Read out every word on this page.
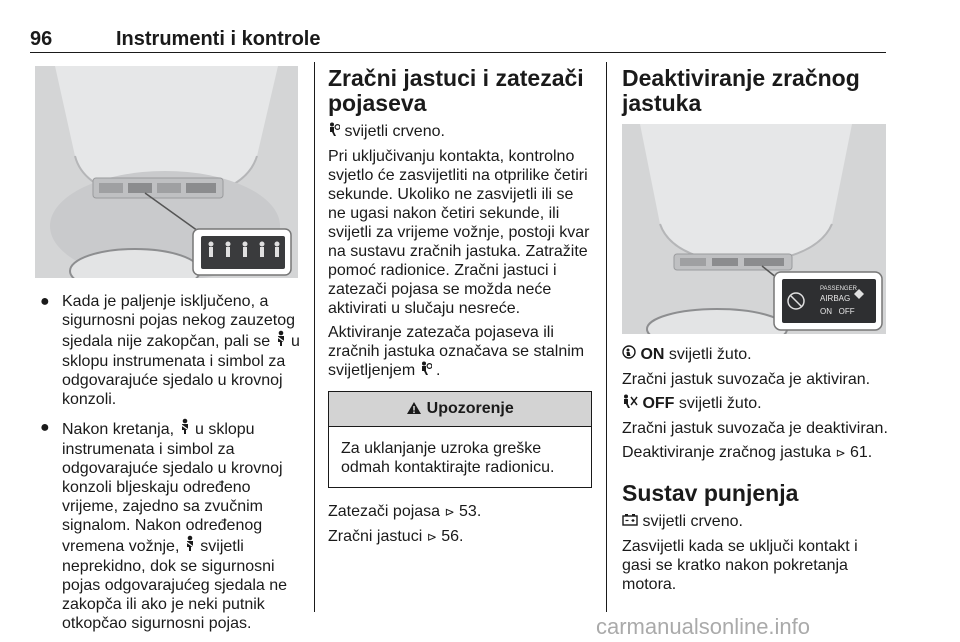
96	Instrumenti i kontrole
● Kada je paljenje isključeno, a sigurnosni pojas nekog zauzetog sjedala nije zakopčan, pali se u sklopu instrumenata i simbol za odgovarajuće sjedalo u krovnoj konzoli.
● Nakon kretanja, u sklopu instrumenata i simbol za odgovarajuće sjedalo u krovnoj konzoli bljeskaju određeno vrijeme, zajedno sa zvučnim signalom. Nakon određenog vremena vožnje, svijetli neprekidno, dok se sigurnosni pojas odgovarajućeg sjedala ne zakopča ili ako je neki putnik otkopčao sigurnosni pojas.
Zračni jastuci i zatezači pojaseva

svijetli crveno.

Pri uključivanju kontakta, kontrolno svjetlo će zasvijetliti na otprilike četiri sekunde. Ukoliko ne zasvijetli ili se ne ugasi nakon četiri sekunde, ili svijetli za vrijeme vožnje, postoji kvar na sustavu zračnih jastuka. Zatražite pomoć radionice. Zračni jastuci i zatezači pojasa se možda neće aktivirati u slučaju nesreće.

Aktiviranje zatezača pojaseva ili zračnih jastuka označava se stalnim svijetljenjem .

Upozorenje
Za uklanjanje uzroka greške odmah kontaktirajte radionicu.

Zatezači pojasa ⊳ 53.

Zračni jastuci ⊳ 56.

Deaktiviranje zračnog jastuka
PASSENGER
AIRBAG
ON   OFF

ON svijetli žuto.

Zračni jastuk suvozača je aktiviran.

OFF svijetli žuto.

Zračni jastuk suvozača je deaktiviran.

Deaktiviranje zračnog jastuka ⊳ 61.

Sustav punjenja

svijetli crveno.

Zasvijetli kada se uključi kontakt i gasi se kratko nakon pokretanja motora.

carmanualsonline.info
